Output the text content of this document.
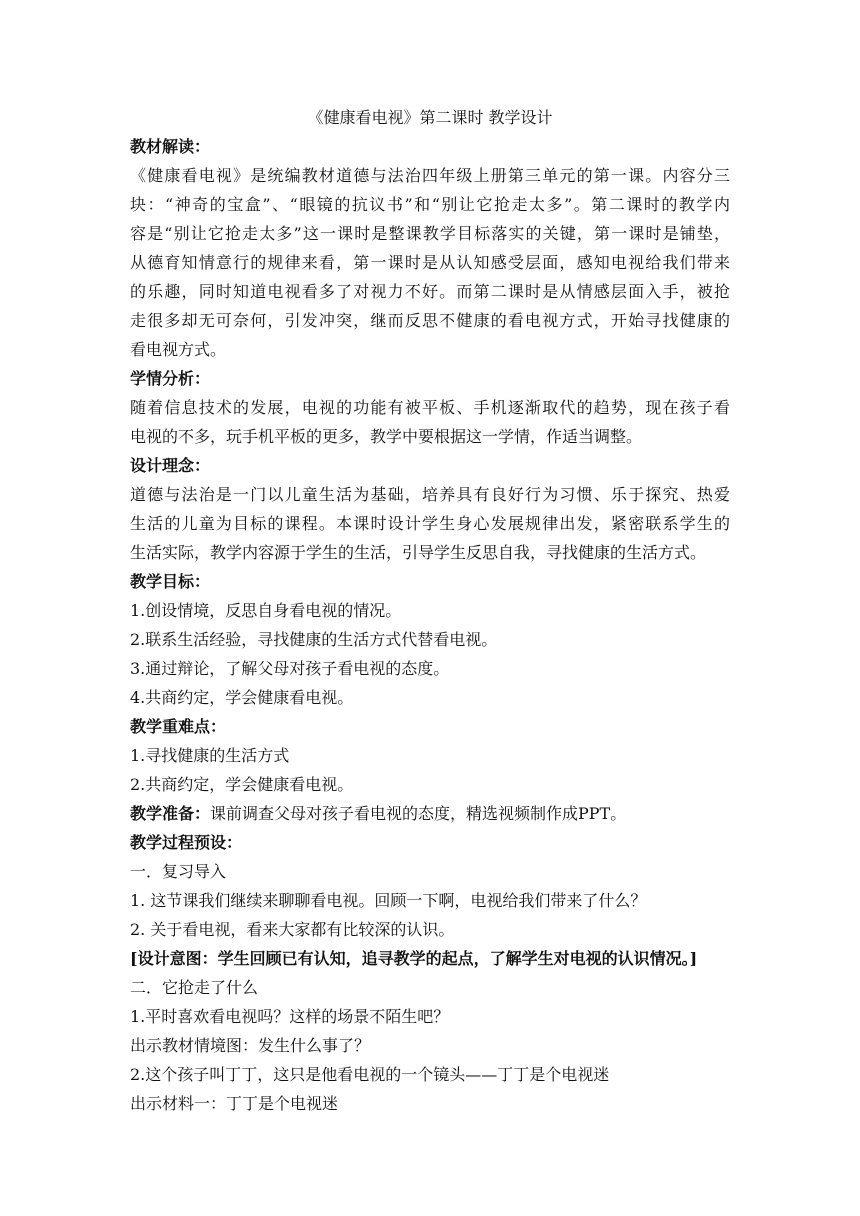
《健康看电视》第二课时 教学设计

教材解读：

《健康看电视》是统编教材道德与法治四年级上册第三单元的第一课。内容分三

块：“神奇的宝盒”、“眼镜的抗议书”和“别让它抢走太多”。第二课时的教学内

容是“别让它抢走太多”这一课时是整课教学目标落实的关键，第一课时是铺垫，

从德育知情意行的规律来看，第一课时是从认知感受层面，感知电视给我们带来

的乐趣，同时知道电视看多了对视力不好。而第二课时是从情感层面入手，被抢

走很多却无可奈何，引发冲突，继而反思不健康的看电视方式，开始寻找健康的

看电视方式。

学情分析：

随着信息技术的发展，电视的功能有被平板、手机逐渐取代的趋势，现在孩子看

电视的不多，玩手机平板的更多，教学中要根据这一学情，作适当调整。

设计理念：

道德与法治是一门以儿童生活为基础，培养具有良好行为习惯、乐于探究、热爱

生活的儿童为目标的课程。本课时设计学生身心发展规律出发，紧密联系学生的

生活实际，教学内容源于学生的生活，引导学生反思自我，寻找健康的生活方式。

教学目标：

1.创设情境，反思自身看电视的情况。

2.联系生活经验，寻找健康的生活方式代替看电视。

3.通过辩论，了解父母对孩子看电视的态度。

4.共商约定，学会健康看电视。

教学重难点：

1.寻找健康的生活方式

2.共商约定，学会健康看电视。

教学准备：课前调查父母对孩子看电视的态度，精选视频制作成PPT。

教学过程预设：

一．复习导入

1. 这节课我们继续来聊聊看电视。回顾一下啊，电视给我们带来了什么？

2. 关于看电视，看来大家都有比较深的认识。

[设计意图：学生回顾已有认知，追寻教学的起点，了解学生对电视的认识情况。]

二．它抢走了什么

1.平时喜欢看电视吗？这样的场景不陌生吧？

出示教材情境图：发生什么事了？

2.这个孩子叫丁丁，这只是他看电视的一个镜头——丁丁是个电视迷

出示材料一：丁丁是个电视迷
